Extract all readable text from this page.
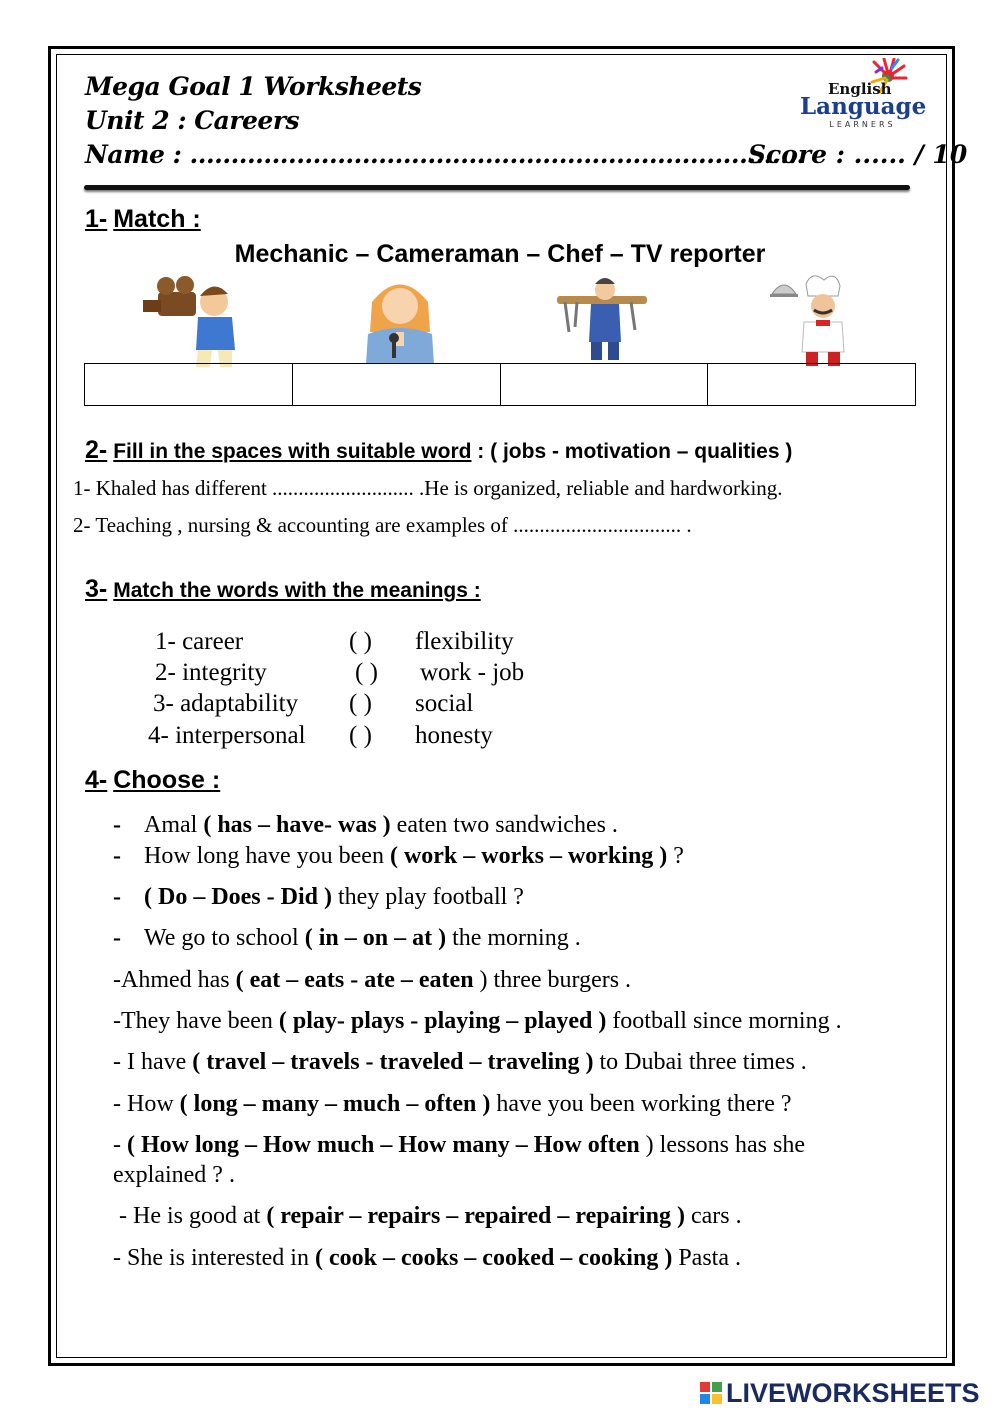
Mega Goal 1 Worksheets
Unit 2 : Careers
Name : .......................................................….................
Score : ...... / 10
English
Language
LEARNERS
1- Match :
Mechanic – Cameraman – Chef – TV reporter
2- Fill in the spaces with suitable word : ( jobs - motivation – qualities )
1- Khaled has different ........................... .He is organized, reliable and hardworking.
2- Teaching , nursing & accounting are examples of ................................ .
3- Match the words with the meanings :
1- career
2- integrity
3- adaptability
4- interpersonal
( )
( )
( )
( )
flexibility
work - job
social
honesty
4- Choose :
- Amal ( has – have- was ) eaten two sandwiches .
- How long have you been ( work – works – working ) ?
- ( Do – Does - Did ) they play football ?
- We go to school ( in – on – at ) the morning .
-Ahmed has ( eat – eats - ate – eaten ) three burgers .
-They have been ( play- plays - playing – played ) football since morning .
- I have ( travel – travels - traveled – traveling ) to Dubai three times .
- How ( long – many – much – often ) have you been working there ?
- ( How long – How much – How many – How often ) lessons has she
explained ? .
- He is good at ( repair – repairs – repaired – repairing ) cars .
- She is interested in ( cook – cooks – cooked – cooking ) Pasta .
LIVEWORKSHEETS
